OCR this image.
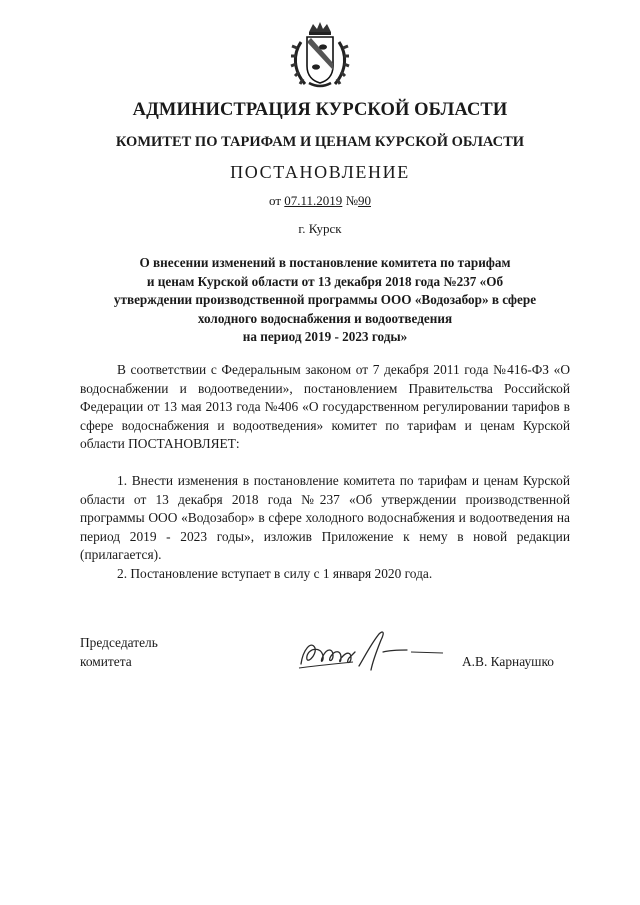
АДМИНИСТРАЦИЯ КУРСКОЙ ОБЛАСТИ
КОМИТЕТ ПО ТАРИФАМ И ЦЕНАМ КУРСКОЙ ОБЛАСТИ
ПОСТАНОВЛЕНИЕ
от 07.11.2019 №90
г. Курск
О внесении изменений в постановление комитета по тарифам
и ценам Курской области от 13 декабря 2018 года №237 «Об
утверждении производственной программы ООО «Водозабор» в сфере
холодного водоснабжения и водоотведения
на период 2019 - 2023 годы»

В соответствии с Федеральным законом от 7 декабря 2011 года №416-ФЗ «О водоснабжении и водоотведении», постановлением Правительства Российской Федерации от 13 мая 2013 года №406 «О государственном регулировании тарифов в сфере водоснабжения и водоотведения» комитет по тарифам и ценам Курской области ПОСТАНОВЛЯЕТ:

1. Внести изменения в постановление комитета по тарифам и ценам Курской области от 13 декабря 2018 года №237 «Об утверждении производственной программы ООО «Водозабор» в сфере холодного водоснабжения и водоотведения на период 2019 - 2023 годы», изложив Приложение к нему в новой редакции (прилагается).

2. Постановление вступает в силу с 1 января 2020 года.

Председатель
комитета	А.В. Карнаушко
